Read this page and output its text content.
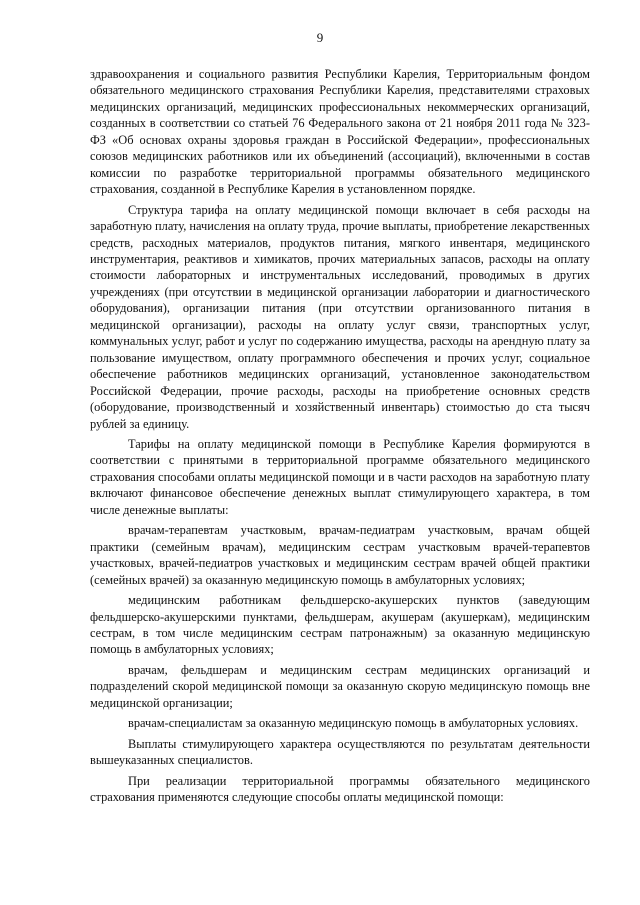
9

здравоохранения и социального развития Республики Карелия, Территориальным фондом обязательного медицинского страхования Республики Карелия, представителями страховых медицинских организаций, медицинских профессиональных некоммерческих организаций, созданных в соответствии со статьей 76 Федерального закона от 21 ноября 2011 года № 323-ФЗ «Об основах охраны здоровья граждан в Российской Федерации», профессиональных союзов медицинских работников или их объединений (ассоциаций), включенными в состав комиссии по разработке территориальной программы обязательного медицинского страхования, созданной в Республике Карелия в установленном порядке.

Структура тарифа на оплату медицинской помощи включает в себя расходы на заработную плату, начисления на оплату труда, прочие выплаты, приобретение лекарственных средств, расходных материалов, продуктов питания, мягкого инвентаря, медицинского инструментария, реактивов и химикатов, прочих материальных запасов, расходы на оплату стоимости лабораторных и инструментальных исследований, проводимых в других учреждениях (при отсутствии в медицинской организации лаборатории и диагностического оборудования), организации питания (при отсутствии организованного питания в медицинской организации), расходы на оплату услуг связи, транспортных услуг, коммунальных услуг, работ и услуг по содержанию имущества, расходы на арендную плату за пользование имуществом, оплату программного обеспечения и прочих услуг, социальное обеспечение работников медицинских организаций, установленное законодательством Российской Федерации, прочие расходы, расходы на приобретение основных средств (оборудование, производственный и хозяйственный инвентарь) стоимостью до ста тысяч рублей за единицу.

Тарифы на оплату медицинской помощи в Республике Карелия формируются в соответствии с принятыми в территориальной программе обязательного медицинского страхования способами оплаты медицинской помощи и в части расходов на заработную плату включают финансовое обеспечение денежных выплат стимулирующего характера, в том числе денежные выплаты:

врачам-терапевтам участковым, врачам-педиатрам участковым, врачам общей практики (семейным врачам), медицинским сестрам участковым врачей-терапевтов участковых, врачей-педиатров участковых и медицинским сестрам врачей общей практики (семейных врачей) за оказанную медицинскую помощь в амбулаторных условиях;

медицинским работникам фельдшерско-акушерских пунктов (заведующим фельдшерско-акушерскими пунктами, фельдшерам, акушерам (акушеркам), медицинским сестрам, в том числе медицинским сестрам патронажным) за оказанную медицинскую помощь в амбулаторных условиях;

врачам, фельдшерам и медицинским сестрам медицинских организаций и подразделений скорой медицинской помощи за оказанную скорую медицинскую помощь вне медицинской организации;

врачам-специалистам за оказанную медицинскую помощь в амбулаторных условиях.

Выплаты стимулирующего характера осуществляются по результатам деятельности вышеуказанных специалистов.

При реализации территориальной программы обязательного медицинского страхования применяются следующие способы оплаты медицинской помощи:
